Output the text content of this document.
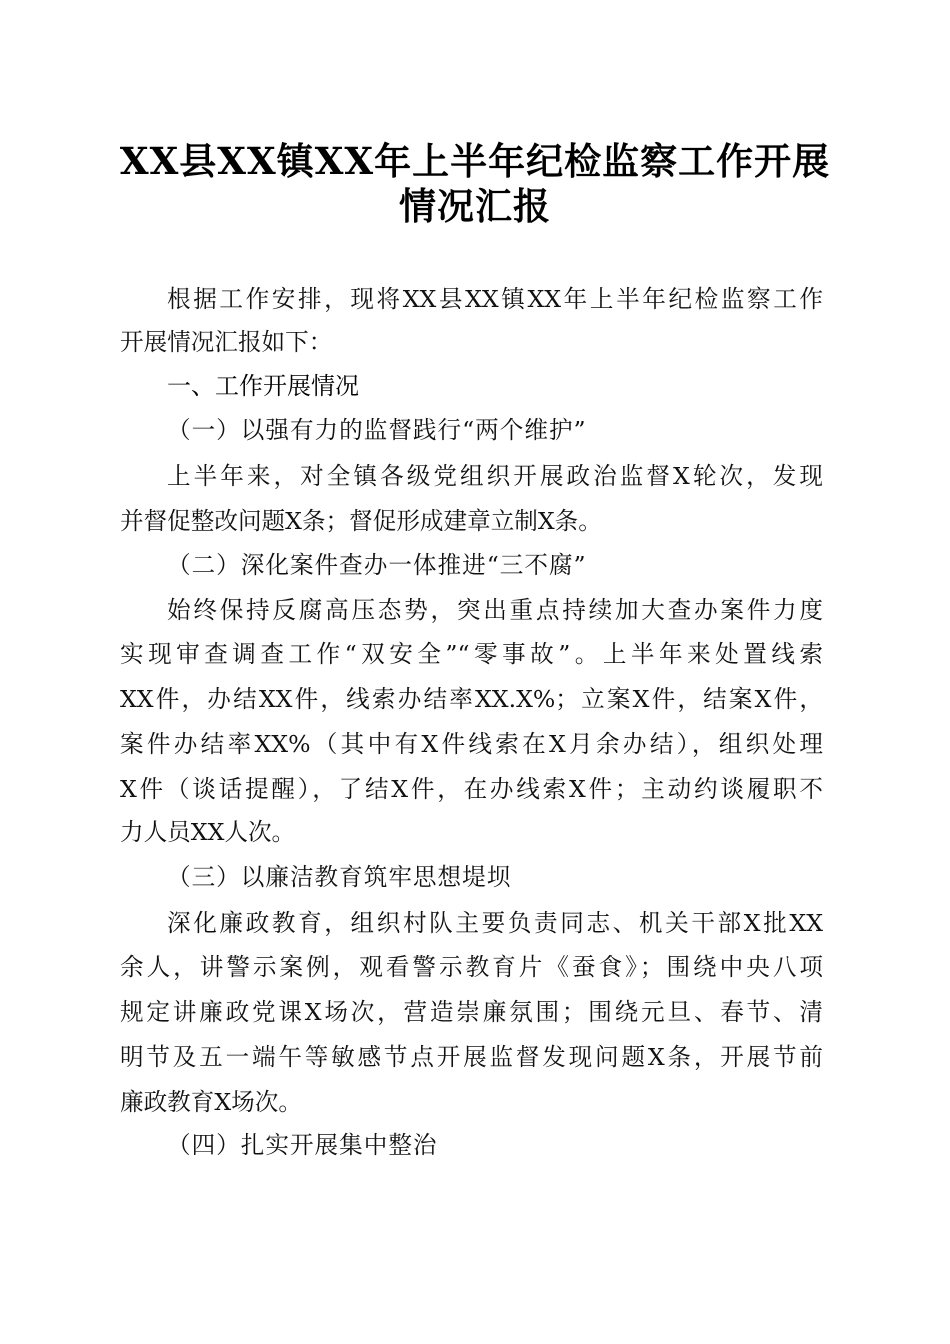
XX县XX镇XX年上半年纪检监察工作开展
情况汇报
根据工作安排，现将XX县XX镇XX年上半年纪检监察工作
开展情况汇报如下：
一、工作开展情况
（一）以强有力的监督践行“两个维护”
上半年来，对全镇各级党组织开展政治监督X轮次，发现
并督促整改问题X条；督促形成建章立制X条。
（二）深化案件查办一体推进“三不腐”
始终保持反腐高压态势，突出重点持续加大查办案件力度
实现审查调查工作“双安全”“零事故”。上半年来处置线索
XX件，办结XX件，线索办结率XX.X%；立案X件，结案X件，
案件办结率XX%（其中有X件线索在X月余办结），组织处理
X件（谈话提醒），了结X件，在办线索X件；主动约谈履职不
力人员XX人次。
（三）以廉洁教育筑牢思想堤坝
深化廉政教育，组织村队主要负责同志、机关干部X批XX
余人，讲警示案例，观看警示教育片《蚕食》；围绕中央八项
规定讲廉政党课X场次，营造崇廉氛围；围绕元旦、春节、清
明节及五一端午等敏感节点开展监督发现问题X条，开展节前
廉政教育X场次。
（四）扎实开展集中整治
